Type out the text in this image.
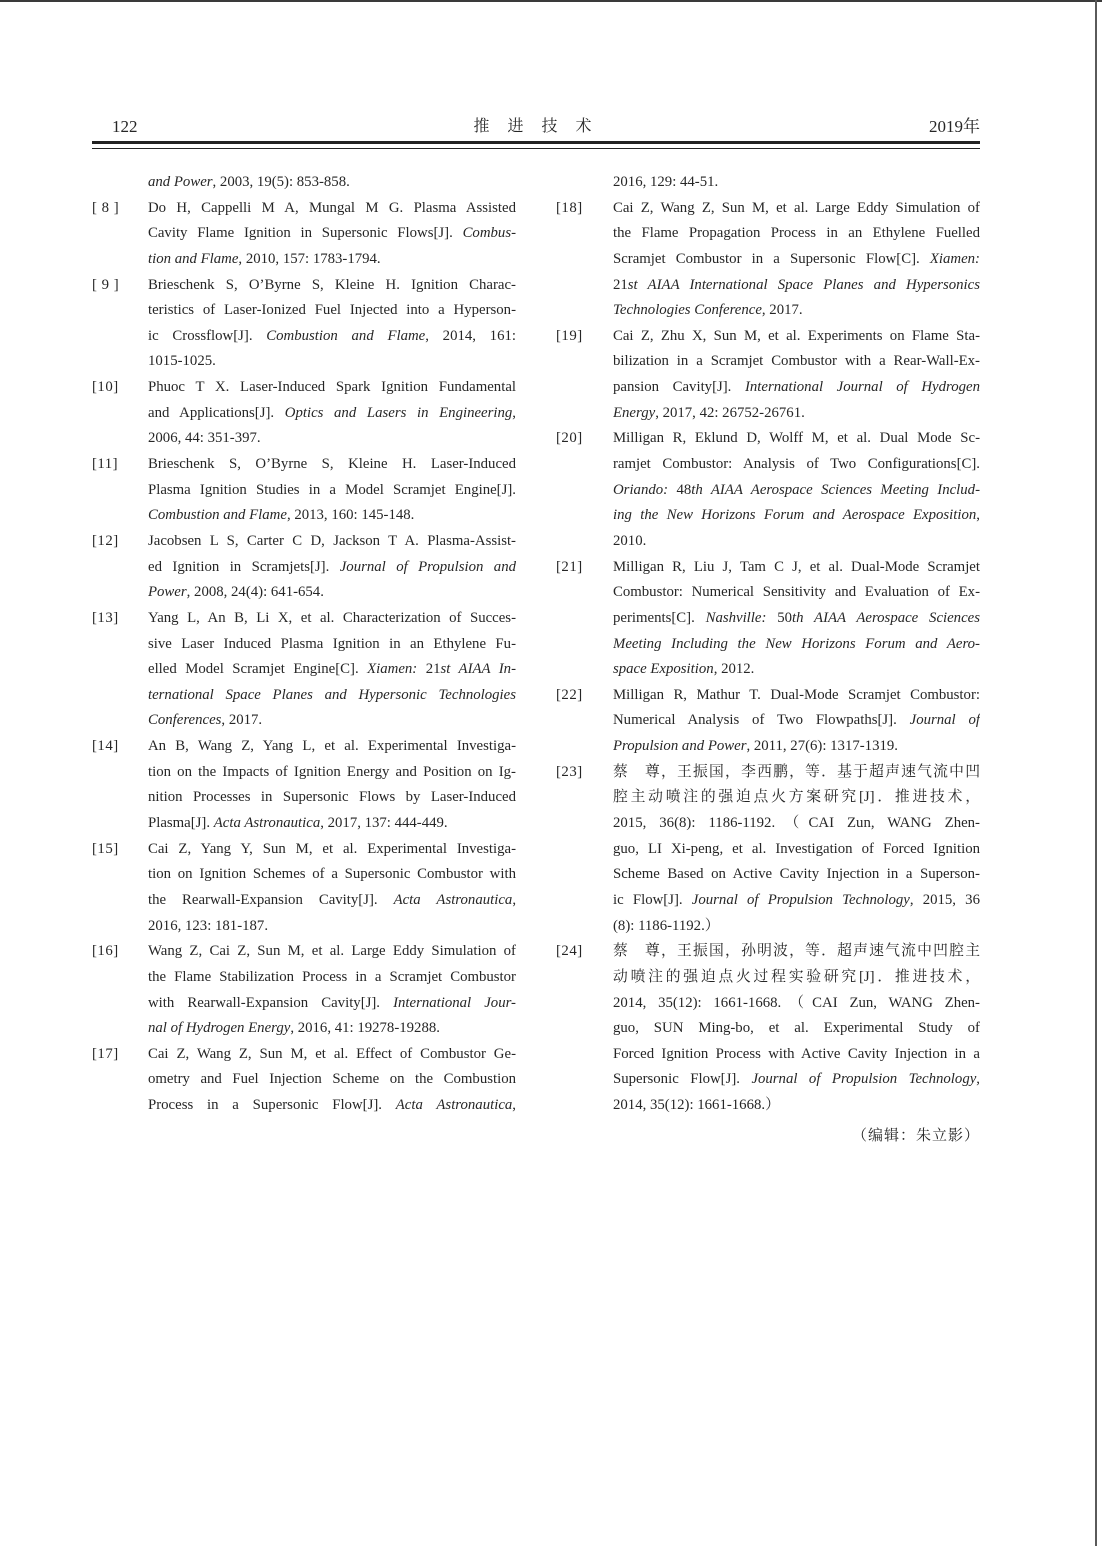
122	推 进 技 术	2019年
and Power, 2003, 19(5): 853-858.
[ 8 ] Do H, Cappelli M A, Mungal M G. Plasma Assisted
Cavity Flame Ignition in Supersonic Flows[J]. Combus-
tion and Flame, 2010, 157: 1783-1794.
[ 9 ] Brieschenk S, O’Byrne S, Kleine H. Ignition Charac-
teristics of Laser-Ionized Fuel Injected into a Hyperson-
ic Crossflow[J]. Combustion and Flame, 2014, 161:
1015-1025.
[10] Phuoc T X. Laser-Induced Spark Ignition Fundamental
and Applications[J]. Optics and Lasers in Engineering,
2006, 44: 351-397.
[11] Brieschenk S, O’Byrne S, Kleine H. Laser-Induced
Plasma Ignition Studies in a Model Scramjet Engine[J].
Combustion and Flame, 2013, 160: 145-148.
[12] Jacobsen L S, Carter C D, Jackson T A. Plasma-Assist-
ed Ignition in Scramjets[J]. Journal of Propulsion and
Power, 2008, 24(4): 641-654.
[13] Yang L, An B, Li X, et al. Characterization of Succes-
sive Laser Induced Plasma Ignition in an Ethylene Fu-
elled Model Scramjet Engine[C]. Xiamen: 21st AIAA In-
ternational Space Planes and Hypersonic Technologies
Conferences, 2017.
[14] An B, Wang Z, Yang L, et al. Experimental Investiga-
tion on the Impacts of Ignition Energy and Position on Ig-
nition Processes in Supersonic Flows by Laser-Induced
Plasma[J]. Acta Astronautica, 2017, 137: 444-449.
[15] Cai Z, Yang Y, Sun M, et al. Experimental Investiga-
tion on Ignition Schemes of a Supersonic Combustor with
the Rearwall-Expansion Cavity[J]. Acta Astronautica,
2016, 123: 181-187.
[16] Wang Z, Cai Z, Sun M, et al. Large Eddy Simulation of
the Flame Stabilization Process in a Scramjet Combustor
with Rearwall-Expansion Cavity[J]. International Jour-
nal of Hydrogen Energy, 2016, 41: 19278-19288.
[17] Cai Z, Wang Z, Sun M, et al. Effect of Combustor Ge-
ometry and Fuel Injection Scheme on the Combustion
Process in a Supersonic Flow[J]. Acta Astronautica,
2016, 129: 44-51.
[18] Cai Z, Wang Z, Sun M, et al. Large Eddy Simulation of
the Flame Propagation Process in an Ethylene Fuelled
Scramjet Combustor in a Supersonic Flow[C]. Xiamen:
21st AIAA International Space Planes and Hypersonics
Technologies Conference, 2017.
[19] Cai Z, Zhu X, Sun M, et al. Experiments on Flame Sta-
bilization in a Scramjet Combustor with a Rear-Wall-Ex-
pansion Cavity[J]. International Journal of Hydrogen
Energy, 2017, 42: 26752-26761.
[20] Milligan R, Eklund D, Wolff M, et al. Dual Mode Sc-
ramjet Combustor: Analysis of Two Configurations[C].
Oriando: 48th AIAA Aerospace Sciences Meeting Includ-
ing the New Horizons Forum and Aerospace Exposition,
2010.
[21] Milligan R, Liu J, Tam C J, et al. Dual-Mode Scramjet
Combustor: Numerical Sensitivity and Evaluation of Ex-
periments[C]. Nashville: 50th AIAA Aerospace Sciences
Meeting Including the New Horizons Forum and Aero-
space Exposition, 2012.
[22] Milligan R, Mathur T. Dual-Mode Scramjet Combustor:
Numerical Analysis of Two Flowpaths[J]. Journal of
Propulsion and Power, 2011, 27(6): 1317-1319.
[23] 蔡　尊，王振国，李西鹏，等．基于超声速气流中凹
腔主动喷注的强迫点火方案研究[J]．推进技术，
2015, 36(8): 1186-1192.（CAI Zun, WANG Zhen-
guo, LI Xi-peng, et al. Investigation of Forced Ignition
Scheme Based on Active Cavity Injection in a Superson-
ic Flow[J]. Journal of Propulsion Technology, 2015, 36
(8): 1186-1192.）
[24] 蔡　尊，王振国，孙明波，等．超声速气流中凹腔主
动喷注的强迫点火过程实验研究[J]．推进技术，
2014, 35(12): 1661-1668.（CAI Zun, WANG Zhen-
guo, SUN Ming-bo, et al. Experimental Study of
Forced Ignition Process with Active Cavity Injection in a
Supersonic Flow[J]. Journal of Propulsion Technology,
2014, 35(12): 1661-1668.）
（编辑：朱立影）
